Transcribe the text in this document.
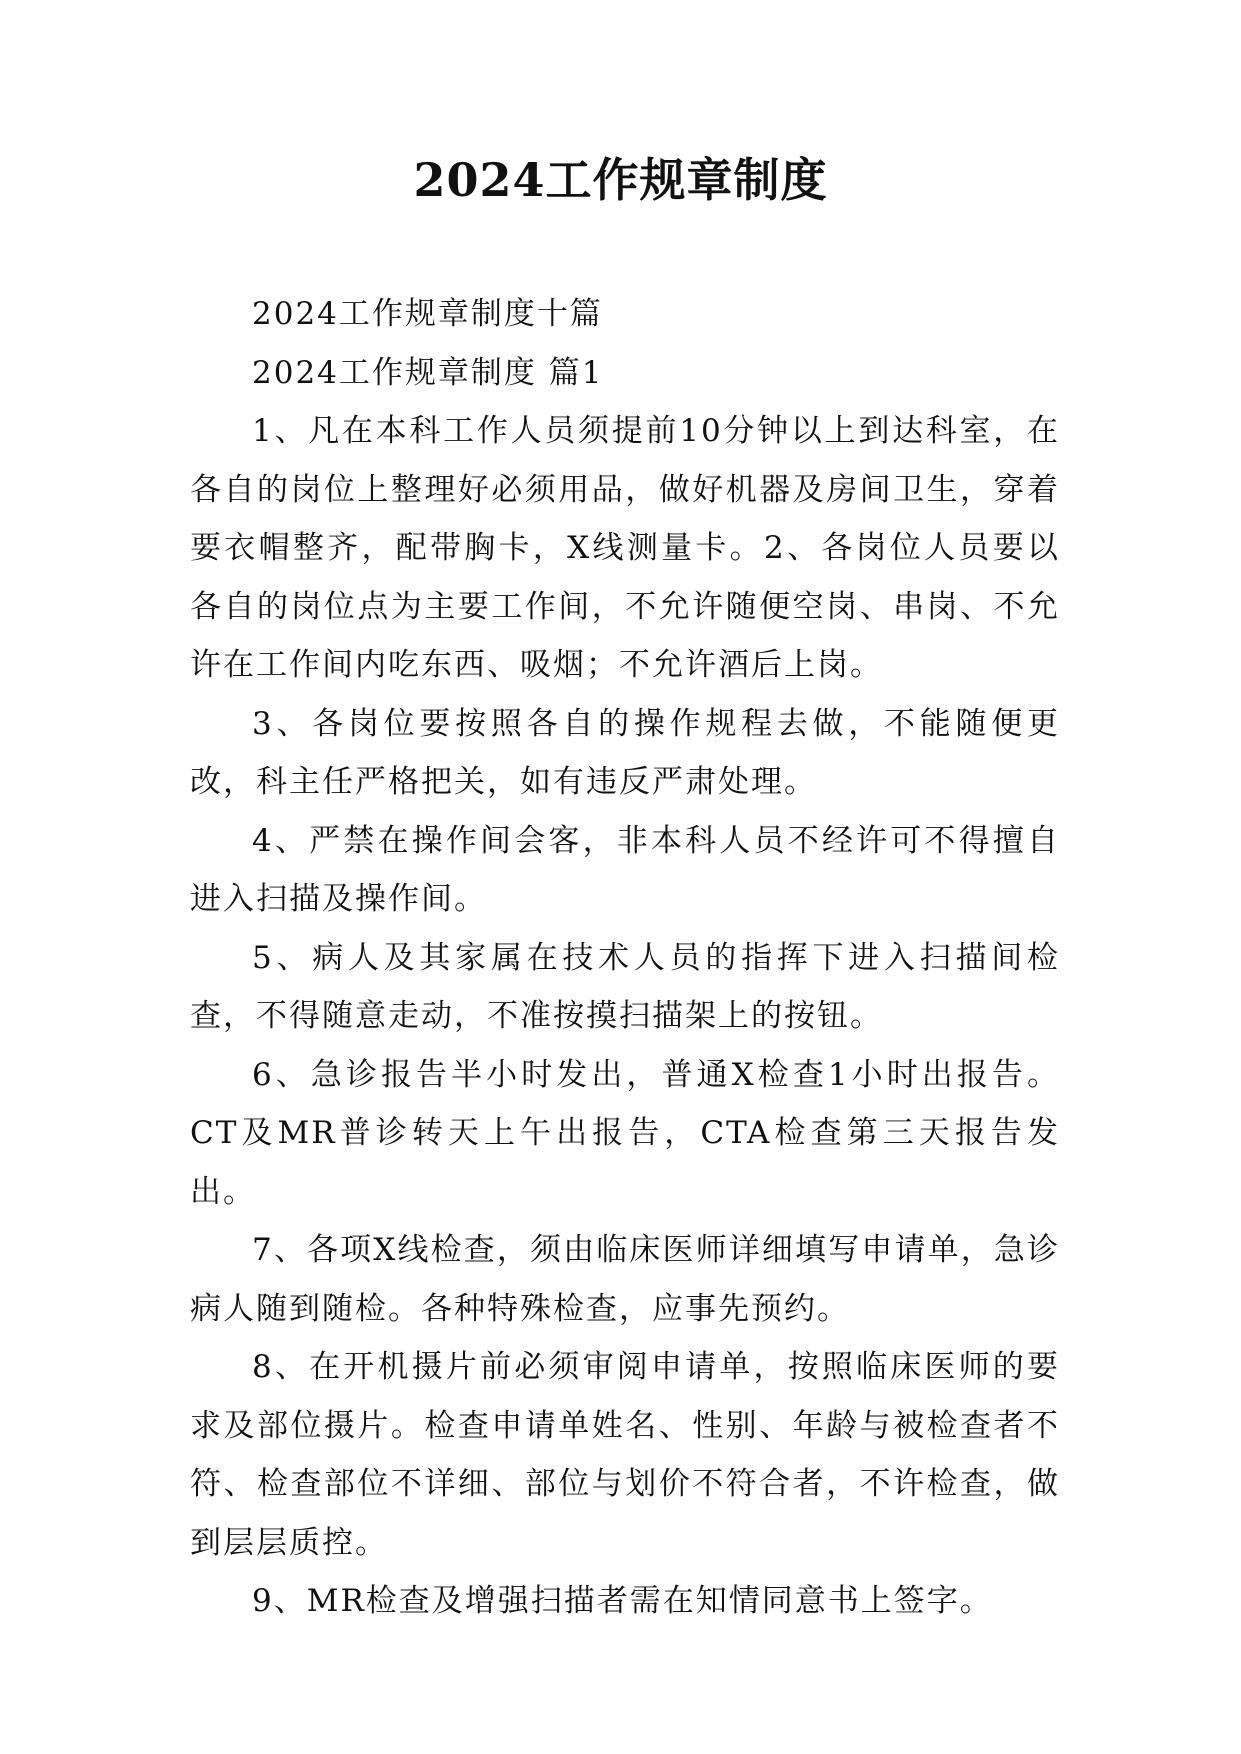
2024工作规章制度

2024工作规章制度十篇

2024工作规章制度 篇1

1、凡在本科工作人员须提前10分钟以上到达科室，在各自的岗位上整理好必须用品，做好机器及房间卫生，穿着要衣帽整齐，配带胸卡，X线测量卡。2、各岗位人员要以各自的岗位点为主要工作间，不允许随便空岗、串岗、不允许在工作间内吃东西、吸烟；不允许酒后上岗。

3、各岗位要按照各自的操作规程去做，不能随便更改，科主任严格把关，如有违反严肃处理。

4、严禁在操作间会客，非本科人员不经许可不得擅自进入扫描及操作间。

5、病人及其家属在技术人员的指挥下进入扫描间检查，不得随意走动，不准按摸扫描架上的按钮。

6、急诊报告半小时发出，普通X检查1小时出报告。CT及MR普诊转天上午出报告，CTA检查第三天报告发出。

7、各项X线检查，须由临床医师详细填写申请单，急诊病人随到随检。各种特殊检查，应事先预约。

8、在开机摄片前必须审阅申请单，按照临床医师的要求及部位摄片。检查申请单姓名、性别、年龄与被检查者不符、检查部位不详细、部位与划价不符合者，不许检查，做到层层质控。

9、MR检查及增强扫描者需在知情同意书上签字。
